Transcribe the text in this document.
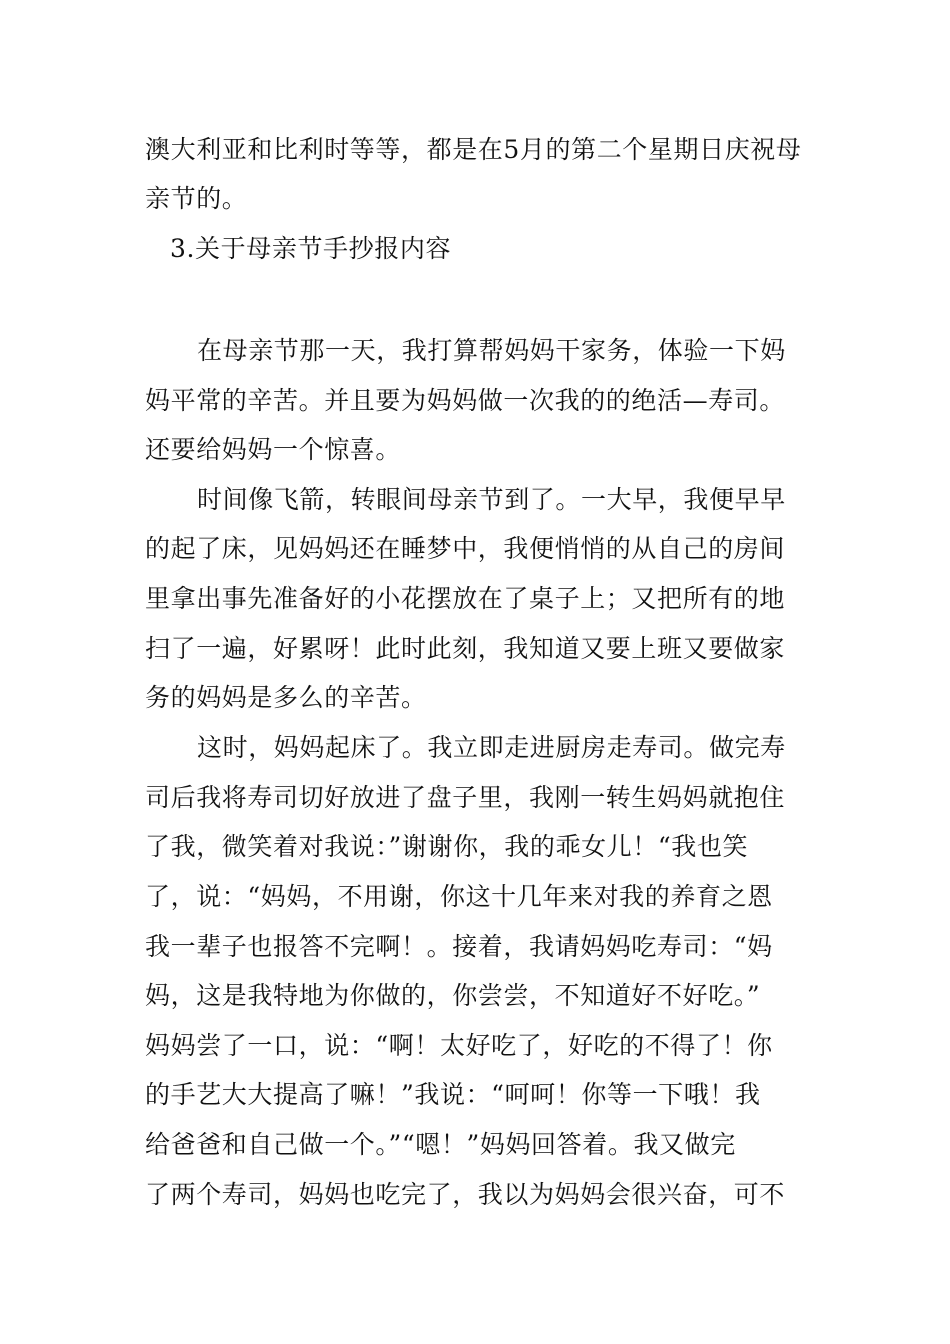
澳大利亚和比利时等等，都是在5月的第二个星期日庆祝母
亲节的。
3.关于母亲节手抄报内容
在母亲节那一天，我打算帮妈妈干家务，体验一下妈
妈平常的辛苦。并且要为妈妈做一次我的的绝活—寿司。
还要给妈妈一个惊喜。
时间像飞箭，转眼间母亲节到了。一大早，我便早早
的起了床，见妈妈还在睡梦中，我便悄悄的从自己的房间
里拿出事先准备好的小花摆放在了桌子上；又把所有的地
扫了一遍，好累呀！此时此刻，我知道又要上班又要做家
务的妈妈是多么的辛苦。
这时，妈妈起床了。我立即走进厨房走寿司。做完寿
司后我将寿司切好放进了盘子里，我刚一转生妈妈就抱住
了我，微笑着对我说：”谢谢你，我的乖女儿！“我也笑
了，说：“妈妈，不用谢，你这十几年来对我的养育之恩
我一辈子也报答不完啊！。接着，我请妈妈吃寿司：“妈
妈，这是我特地为你做的，你尝尝，不知道好不好吃。”
妈妈尝了一口，说：“啊！太好吃了，好吃的不得了！你
的手艺大大提高了嘛！”我说：“呵呵！你等一下哦！我
给爸爸和自己做一个。”“嗯！”妈妈回答着。我又做完
了两个寿司，妈妈也吃完了，我以为妈妈会很兴奋，可不
